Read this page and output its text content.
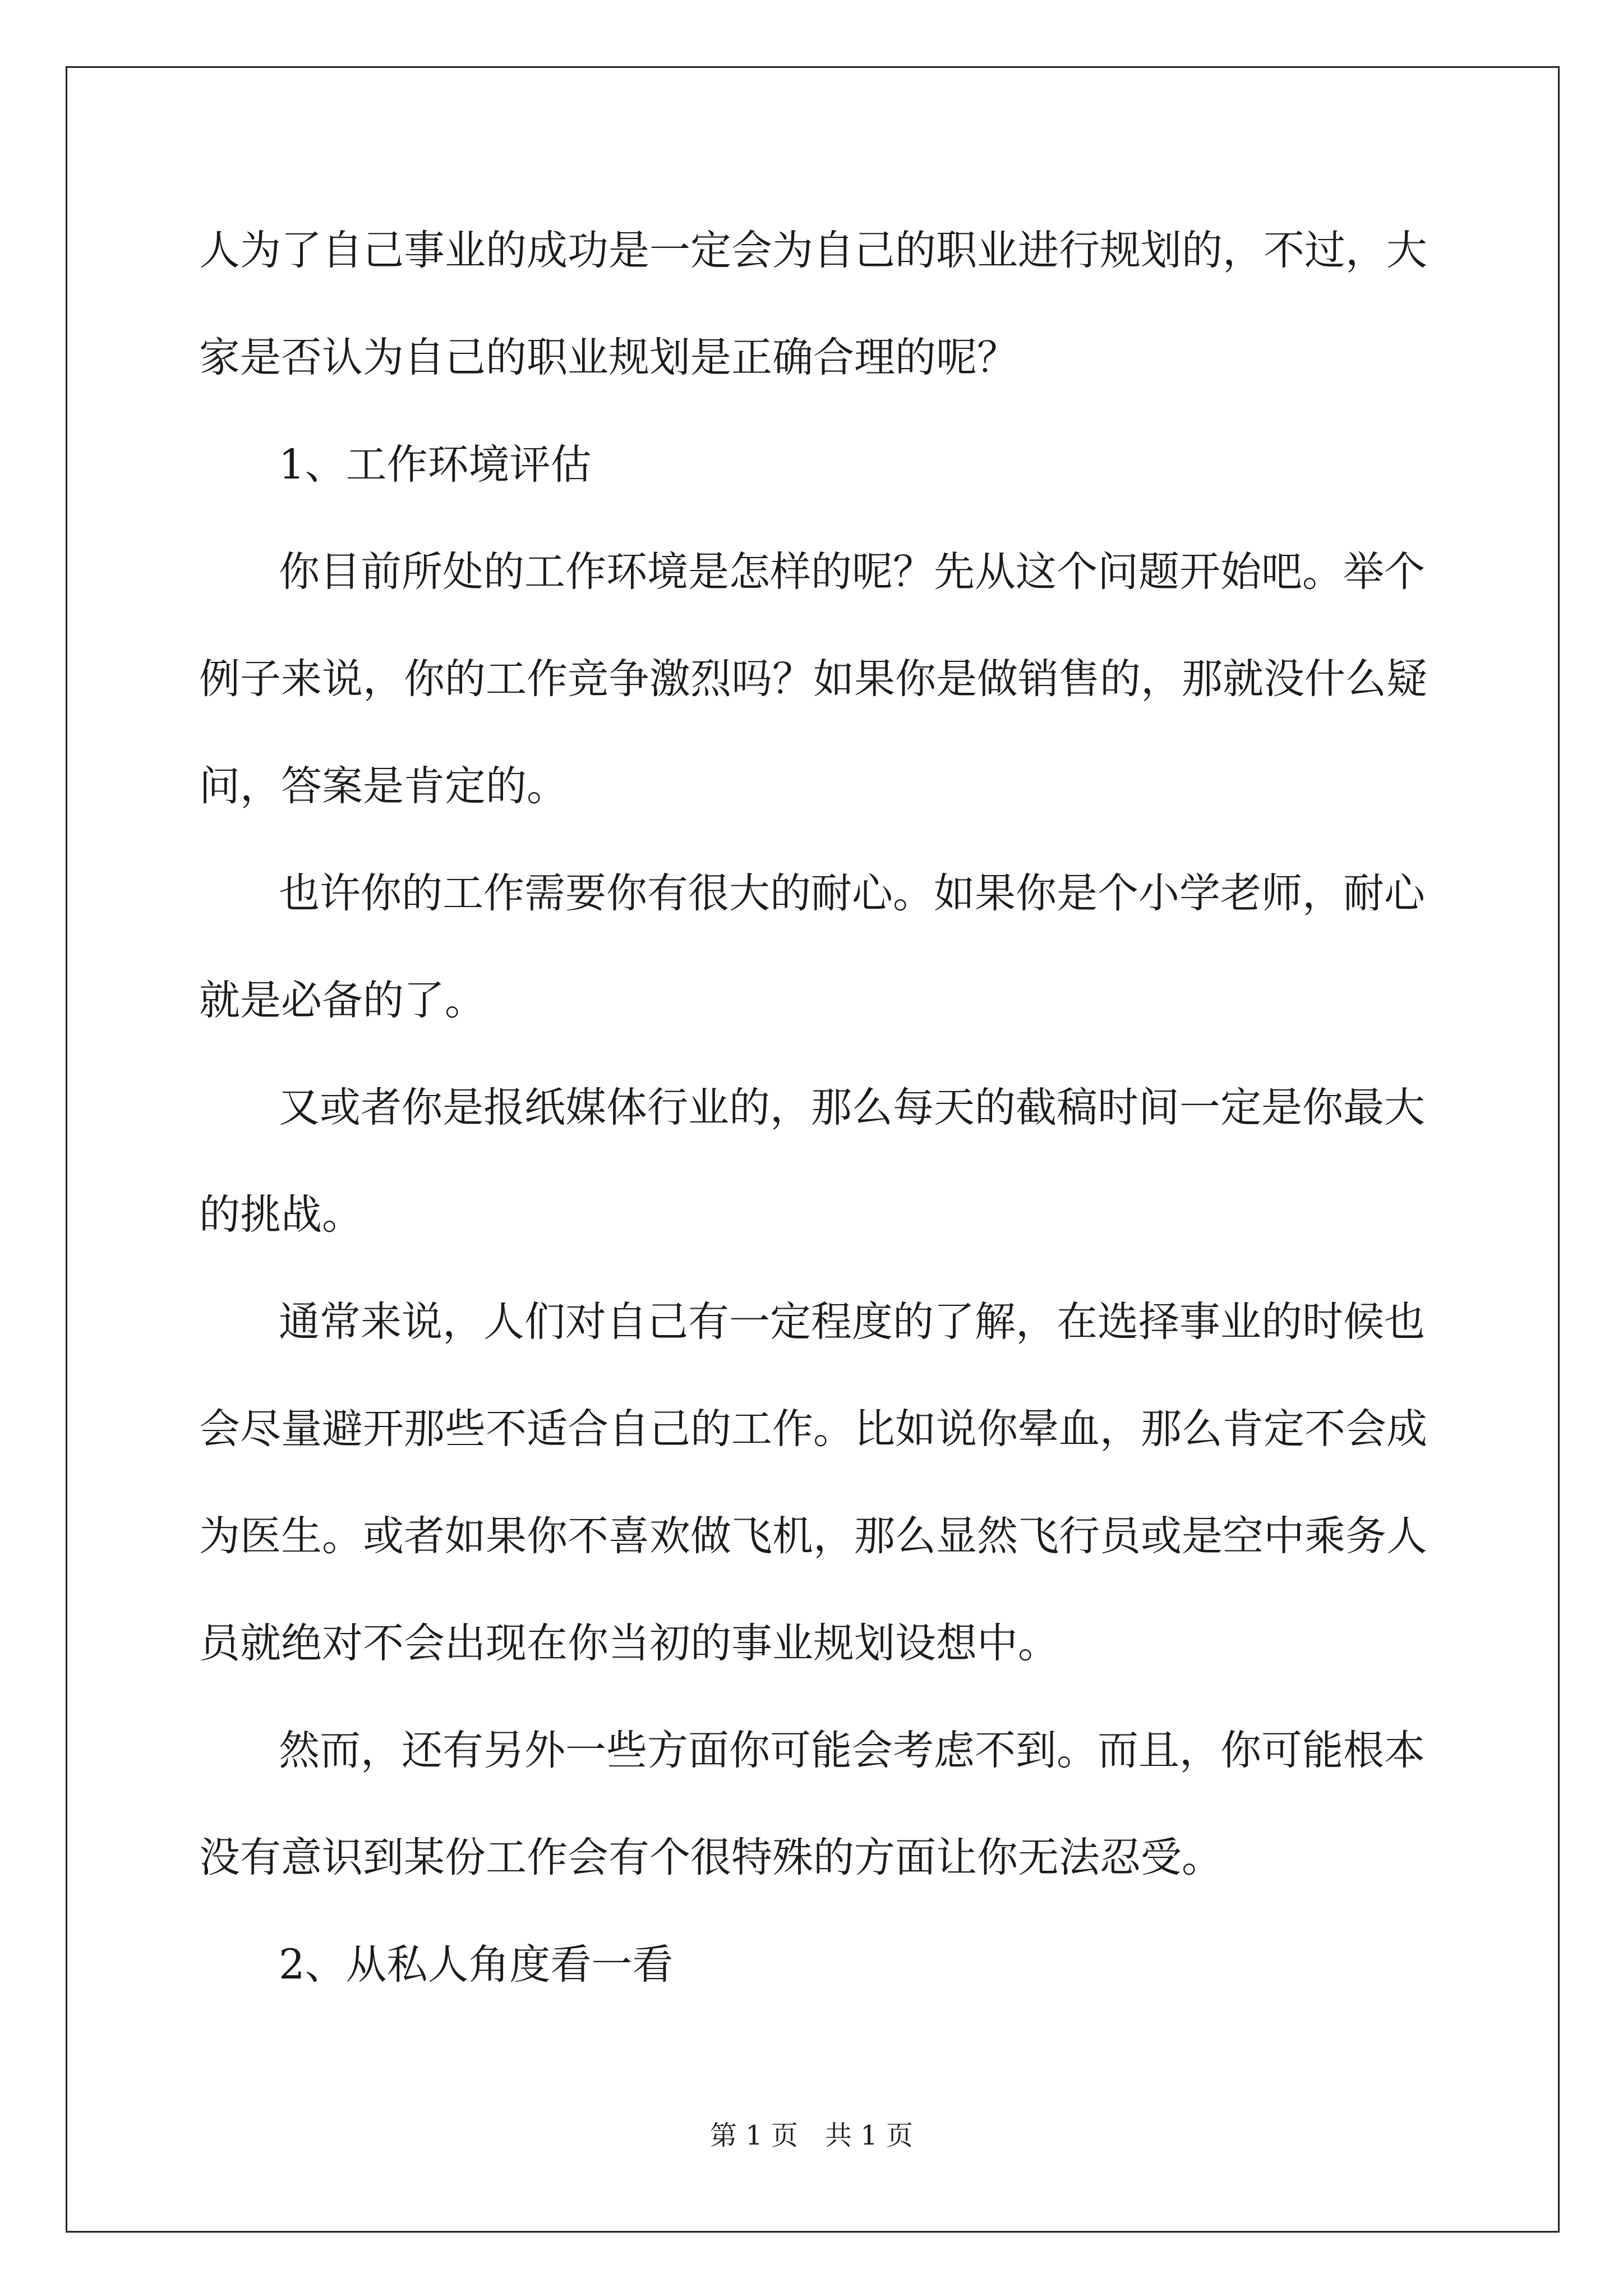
人为了自己事业的成功是一定会为自己的职业进行规划的，不过，大
家是否认为自己的职业规划是正确合理的呢？
1、工作环境评估
你目前所处的工作环境是怎样的呢？先从这个问题开始吧。举个
例子来说，你的工作竞争激烈吗？如果你是做销售的，那就没什么疑
问，答案是肯定的。
也许你的工作需要你有很大的耐心。如果你是个小学老师，耐心
就是必备的了。
又或者你是报纸媒体行业的，那么每天的截稿时间一定是你最大
的挑战。
通常来说，人们对自己有一定程度的了解，在选择事业的时候也
会尽量避开那些不适合自己的工作。比如说你晕血，那么肯定不会成
为医生。或者如果你不喜欢做飞机，那么显然飞行员或是空中乘务人
员就绝对不会出现在你当初的事业规划设想中。
然而，还有另外一些方面你可能会考虑不到。而且，你可能根本
没有意识到某份工作会有个很特殊的方面让你无法忍受。
2、从私人角度看一看
第 1 页　共 1 页
